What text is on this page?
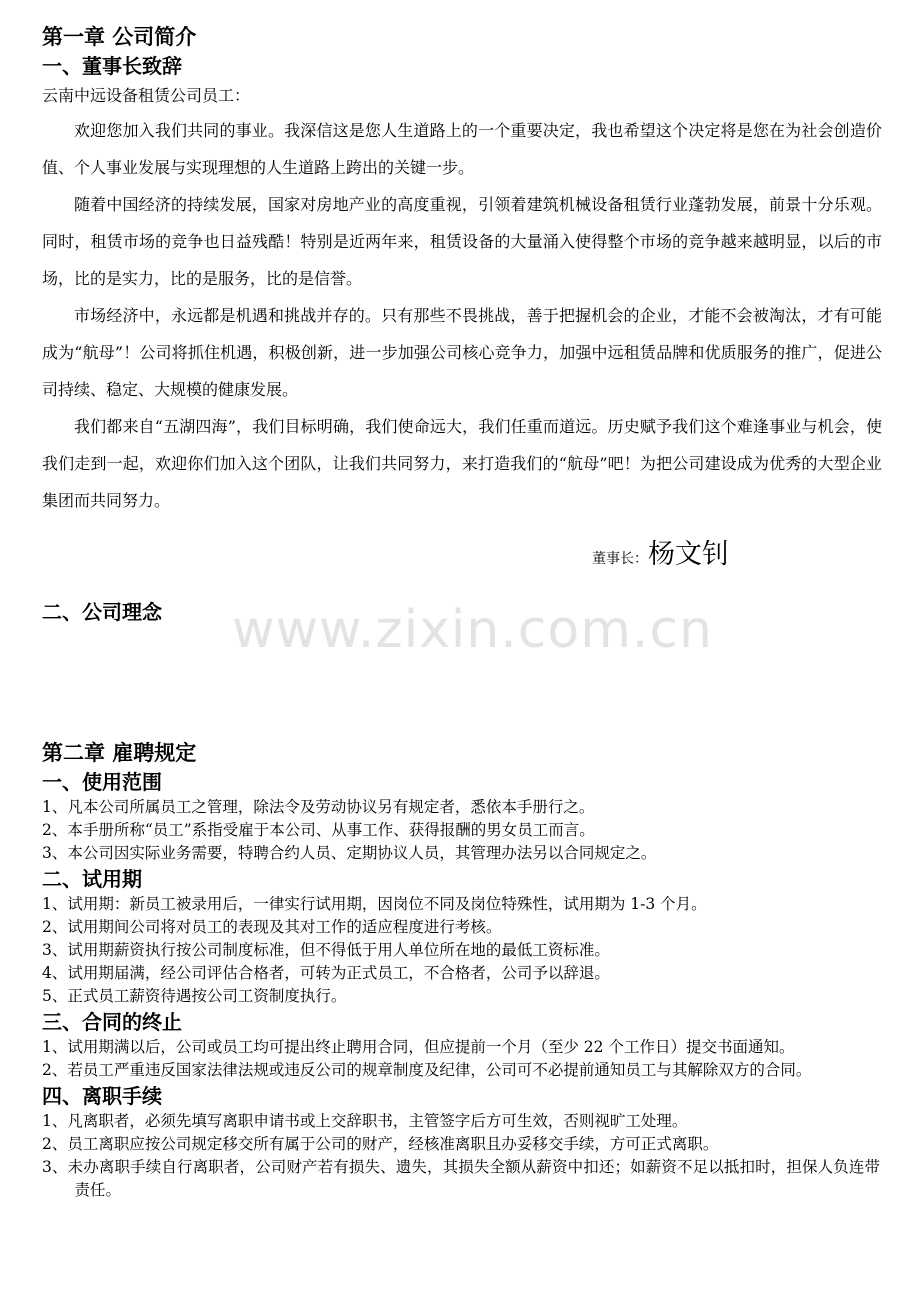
第一章 公司简介
一、董事长致辞

云南中远设备租赁公司员工：

欢迎您加入我们共同的事业。我深信这是您人生道路上的一个重要决定，我也希望这个决定将是您在为社会创造价值、个人事业发展与实现理想的人生道路上跨出的关键一步。

随着中国经济的持续发展，国家对房地产业的高度重视，引领着建筑机械设备租赁行业蓬勃发展，前景十分乐观。同时，租赁市场的竞争也日益残酷！特别是近两年来，租赁设备的大量涌入使得整个市场的竞争越来越明显，以后的市场，比的是实力，比的是服务，比的是信誉。

市场经济中，永远都是机遇和挑战并存的。只有那些不畏挑战，善于把握机会的企业，才能不会被淘汰，才有可能成为“航母”！公司将抓住机遇，积极创新，进一步加强公司核心竞争力，加强中远租赁品牌和优质服务的推广，促进公司持续、稳定、大规模的健康发展。

我们都来自“五湖四海”，我们目标明确，我们使命远大，我们任重而道远。历史赋予我们这个难逢事业与机会，使我们走到一起，欢迎你们加入这个团队，让我们共同努力，来打造我们的“航母”吧！为把公司建设成为优秀的大型企业集团而共同努力。

董事长：杨文钊
二、公司理念	www.zixin.com.cn
第二章 雇聘规定
一、使用范围
1、凡本公司所属员工之管理，除法令及劳动协议另有规定者，悉依本手册行之。
2、本手册所称“员工”系指受雇于本公司、从事工作、获得报酬的男女员工而言。
3、本公司因实际业务需要，特聘合约人员、定期协议人员，其管理办法另以合同规定之。
二、试用期
1、试用期：新员工被录用后，一律实行试用期，因岗位不同及岗位特殊性，试用期为 1-3 个月。
2、试用期间公司将对员工的表现及其对工作的适应程度进行考核。
3、试用期薪资执行按公司制度标准，但不得低于用人单位所在地的最低工资标准。
4、试用期届满，经公司评估合格者，可转为正式员工，不合格者，公司予以辞退。
5、正式员工薪资待遇按公司工资制度执行。
三、合同的终止
1、试用期满以后，公司或员工均可提出终止聘用合同，但应提前一个月（至少 22 个工作日）提交书面通知。
2、若员工严重违反国家法律法规或违反公司的规章制度及纪律，公司可不必提前通知员工与其解除双方的合同。
四、离职手续
1、凡离职者，必须先填写离职申请书或上交辞职书，主管签字后方可生效，否则视旷工处理。
2、员工离职应按公司规定移交所有属于公司的财产，经核准离职且办妥移交手续，方可正式离职。
3、未办离职手续自行离职者，公司财产若有损失、遗失，其损失全额从薪资中扣还；如薪资不足以抵扣时，担保人负连带责任。
